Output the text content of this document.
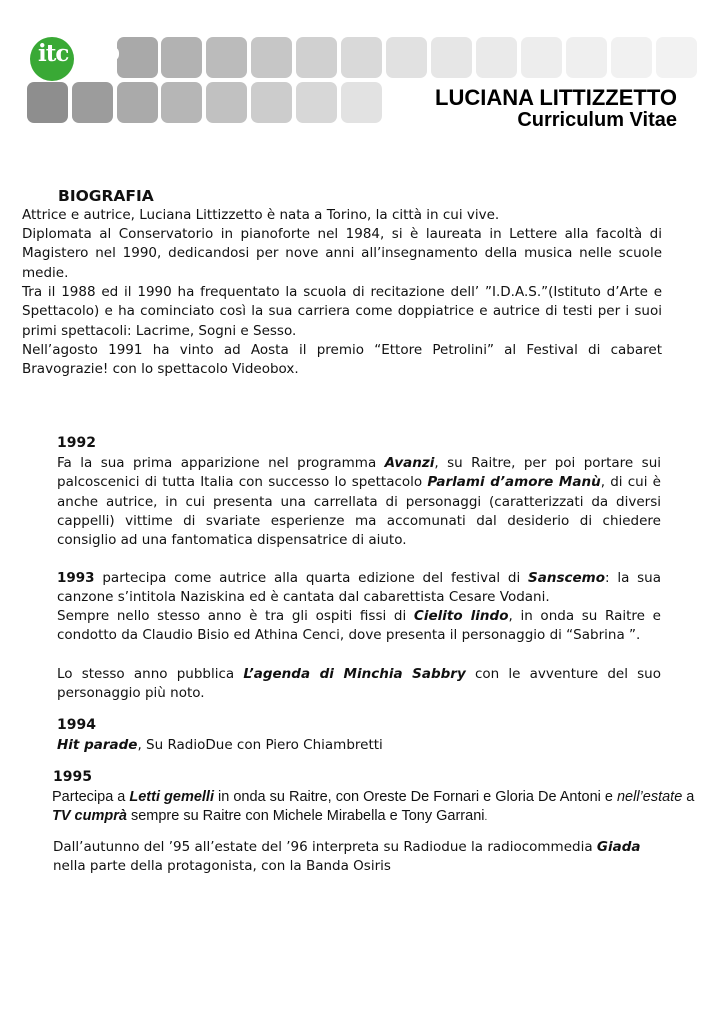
itc 2000
LUCIANA LITTIZZETTO
Curriculum Vitae
BIOGRAFIA

Attrice e autrice, Luciana Littizzetto è nata a Torino, la città in cui vive.

Diplomata al Conservatorio in pianoforte nel 1984, si è laureata in Lettere alla facoltà di Magistero nel 1990, dedicandosi per nove anni all’insegnamento della musica nelle scuole medie.

Tra il 1988 ed il 1990 ha frequentato la scuola di recitazione dell’ ”I.D.A.S.”(Istituto d’Arte e Spettacolo) e ha cominciato così la sua carriera come doppiatrice e autrice di testi per i suoi primi spettacoli: Lacrime, Sogni e Sesso.

Nell’agosto 1991 ha vinto ad Aosta il premio “Ettore Petrolini” al Festival di cabaret Bravograzie! con lo spettacolo Videobox.

1992

Fa la sua prima apparizione nel programma Avanzi, su Raitre, per poi portare sui palcoscenici di tutta Italia con successo lo spettacolo Parlami d’amore Manù, di cui è anche autrice, in cui presenta una carrellata di personaggi (caratterizzati da diversi cappelli) vittime di svariate esperienze ma accomunati dal desiderio di chiedere consiglio ad una fantomatica dispensatrice di aiuto.

1993 partecipa come autrice alla quarta edizione del festival di Sanscemo: la sua canzone s’intitola Naziskina ed è cantata dal cabarettista Cesare Vodani.

Sempre nello stesso anno è tra gli ospiti fissi di Cielito lindo, in onda su Raitre e condotto da Claudio Bisio ed Athina Cenci, dove presenta il personaggio di “Sabrina ”.

Lo stesso anno pubblica L’agenda di Minchia Sabbry con le avventure del suo personaggio più noto.

1994

Hit parade, Su RadioDue con Piero Chiambretti

1995

Partecipa a Letti gemelli in onda su Raitre, con Oreste De Fornari e Gloria De Antoni e nell’estate a TV cumprà sempre su Raitre con Michele Mirabella e Tony Garrani.

Dall’autunno del ’95 all’estate del ’96 interpreta su Radiodue la radiocommedia Giada
nella parte della protagonista, con la Banda Osiris
